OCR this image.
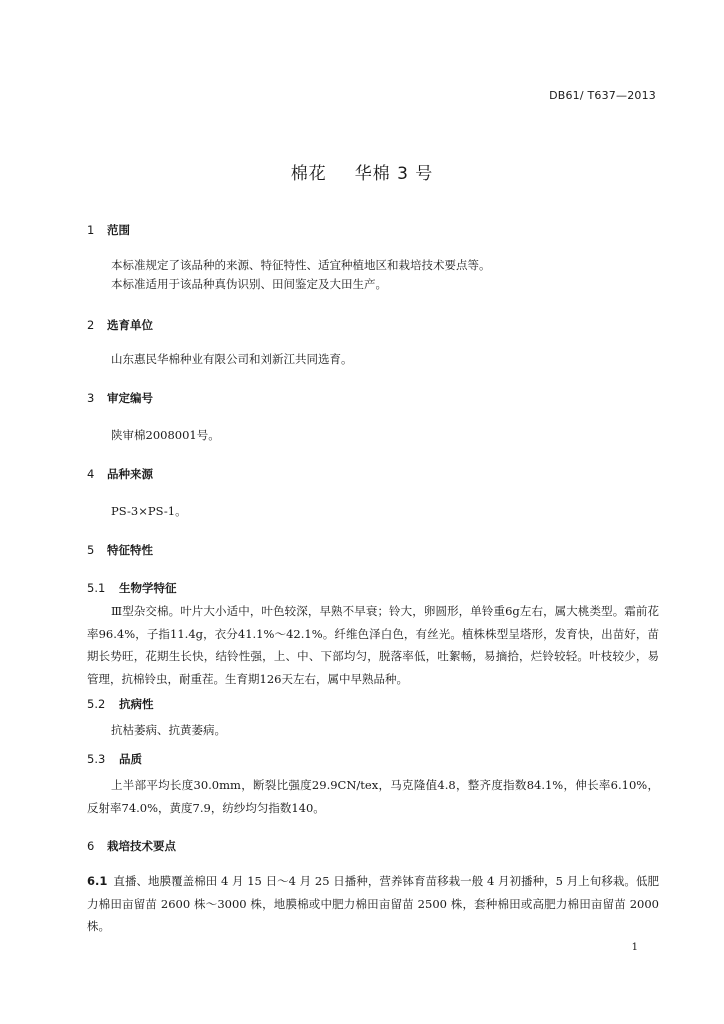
DB61/ T637—2013
棉花 华棉 3 号
1 范围
本标准规定了该品种的来源、特征特性、适宜种植地区和栽培技术要点等。
本标准适用于该品种真伪识别、田间鉴定及大田生产。
2 选育单位
山东惠民华棉种业有限公司和刘新江共同选育。
3 审定编号
陕审棉2008001号。
4 品种来源
PS-3×PS-1。
5 特征特性
5.1 生物学特征
Ⅲ型杂交棉。叶片大小适中，叶色较深，早熟不早衰；铃大，卵圆形，单铃重6g左右，属大桃类型。霜前花率96.4%，子指11.4g，衣分41.1%～42.1%。纤维色泽白色，有丝光。植株株型呈塔形，发育快，出苗好，苗期长势旺，花期生长快，结铃性强，上、中、下部均匀，脱落率低，吐絮畅，易摘拾，烂铃较轻。叶枝较少，易管理，抗棉铃虫，耐重茬。生育期126天左右，属中早熟品种。
5.2 抗病性
抗枯萎病、抗黄萎病。
5.3 品质
上半部平均长度30.0mm，断裂比强度29.9CN/tex，马克隆值4.8，整齐度指数84.1%，伸长率6.10%，反射率74.0%，黄度7.9，纺纱均匀指数140。
6 栽培技术要点
6.1 直播、地膜覆盖棉田 4 月 15 日～4 月 25 日播种，营养钵育苗移栽一般 4 月初播种，5 月上旬移栽。低肥力棉田亩留苗 2600 株～3000 株，地膜棉或中肥力棉田亩留苗 2500 株，套种棉田或高肥力棉田亩留苗 2000 株。
1
